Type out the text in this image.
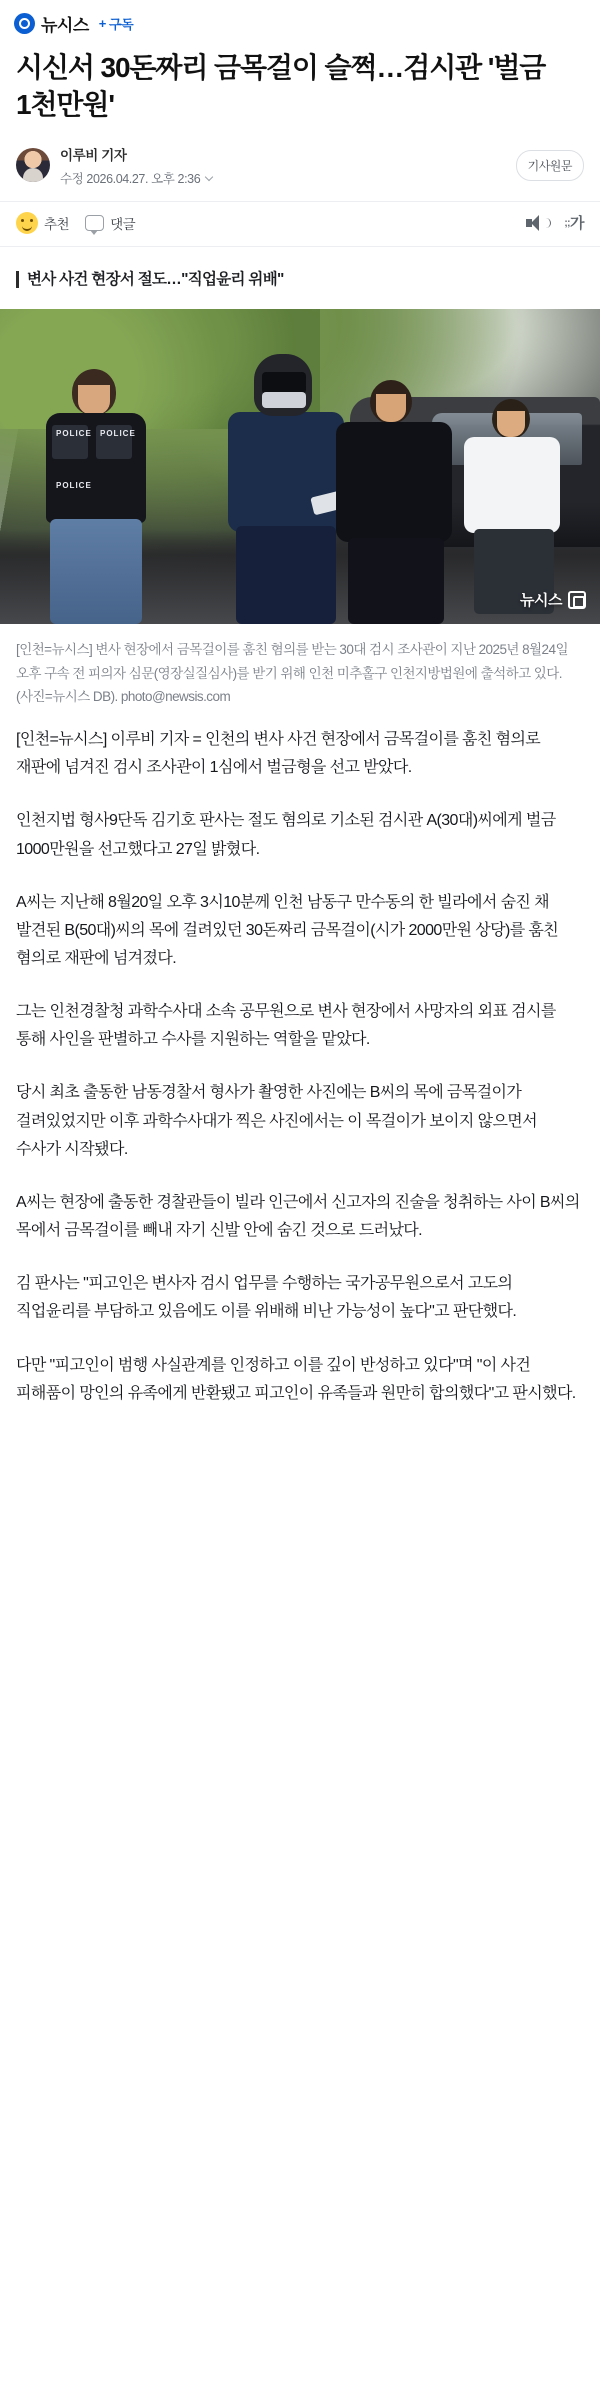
뉴시스 + 구독
시신서 30돈짜리 금목걸이 슬쩍…검시관 '벌금 1천만원'
이루비 기자
수정 2026.04.27. 오후 2:36
기사원문
추천	댓글	;;가
변사 사건 현장서 절도…"직업윤리 위배"
POLICE POLICE
POLICE
뉴시스
[인천=뉴시스] 변사 현장에서 금목걸이를 훔친 혐의를 받는 30대 검시 조사관이 지난 2025년 8월24일 오후 구속 전 피의자 심문(영장실질심사)를 받기 위해 인천 미추홀구 인천지방법원에 출석하고 있다. (사진=뉴시스 DB). photo@newsis.com

[인천=뉴시스] 이루비 기자 = 인천의 변사 사건 현장에서 금목걸이를 훔친 혐의로 재판에 넘겨진 검시 조사관이 1심에서 벌금형을 선고 받았다.

인천지법 형사9단독 김기호 판사는 절도 혐의로 기소된 검시관 A(30대)씨에게 벌금 1000만원을 선고했다고 27일 밝혔다.

A씨는 지난해 8월20일 오후 3시10분께 인천 남동구 만수동의 한 빌라에서 숨진 채 발견된 B(50대)씨의 목에 걸려있던 30돈짜리 금목걸이(시가 2000만원 상당)를 훔친 혐의로 재판에 넘겨졌다.

그는 인천경찰청 과학수사대 소속 공무원으로 변사 현장에서 사망자의 외표 검시를 통해 사인을 판별하고 수사를 지원하는 역할을 맡았다.

당시 최초 출동한 남동경찰서 형사가 촬영한 사진에는 B씨의 목에 금목걸이가 걸려있었지만 이후 과학수사대가 찍은 사진에서는 이 목걸이가 보이지 않으면서 수사가 시작됐다.

A씨는 현장에 출동한 경찰관들이 빌라 인근에서 신고자의 진술을 청취하는 사이 B씨의 목에서 금목걸이를 빼내 자기 신발 안에 숨긴 것으로 드러났다.

김 판사는 "피고인은 변사자 검시 업무를 수행하는 국가공무원으로서 고도의 직업윤리를 부담하고 있음에도 이를 위배해 비난 가능성이 높다"고 판단했다.

다만 "피고인이 범행 사실관계를 인정하고 이를 깊이 반성하고 있다"며 "이 사건 피해품이 망인의 유족에게 반환됐고 피고인이 유족들과 원만히 합의했다"고 판시했다.
